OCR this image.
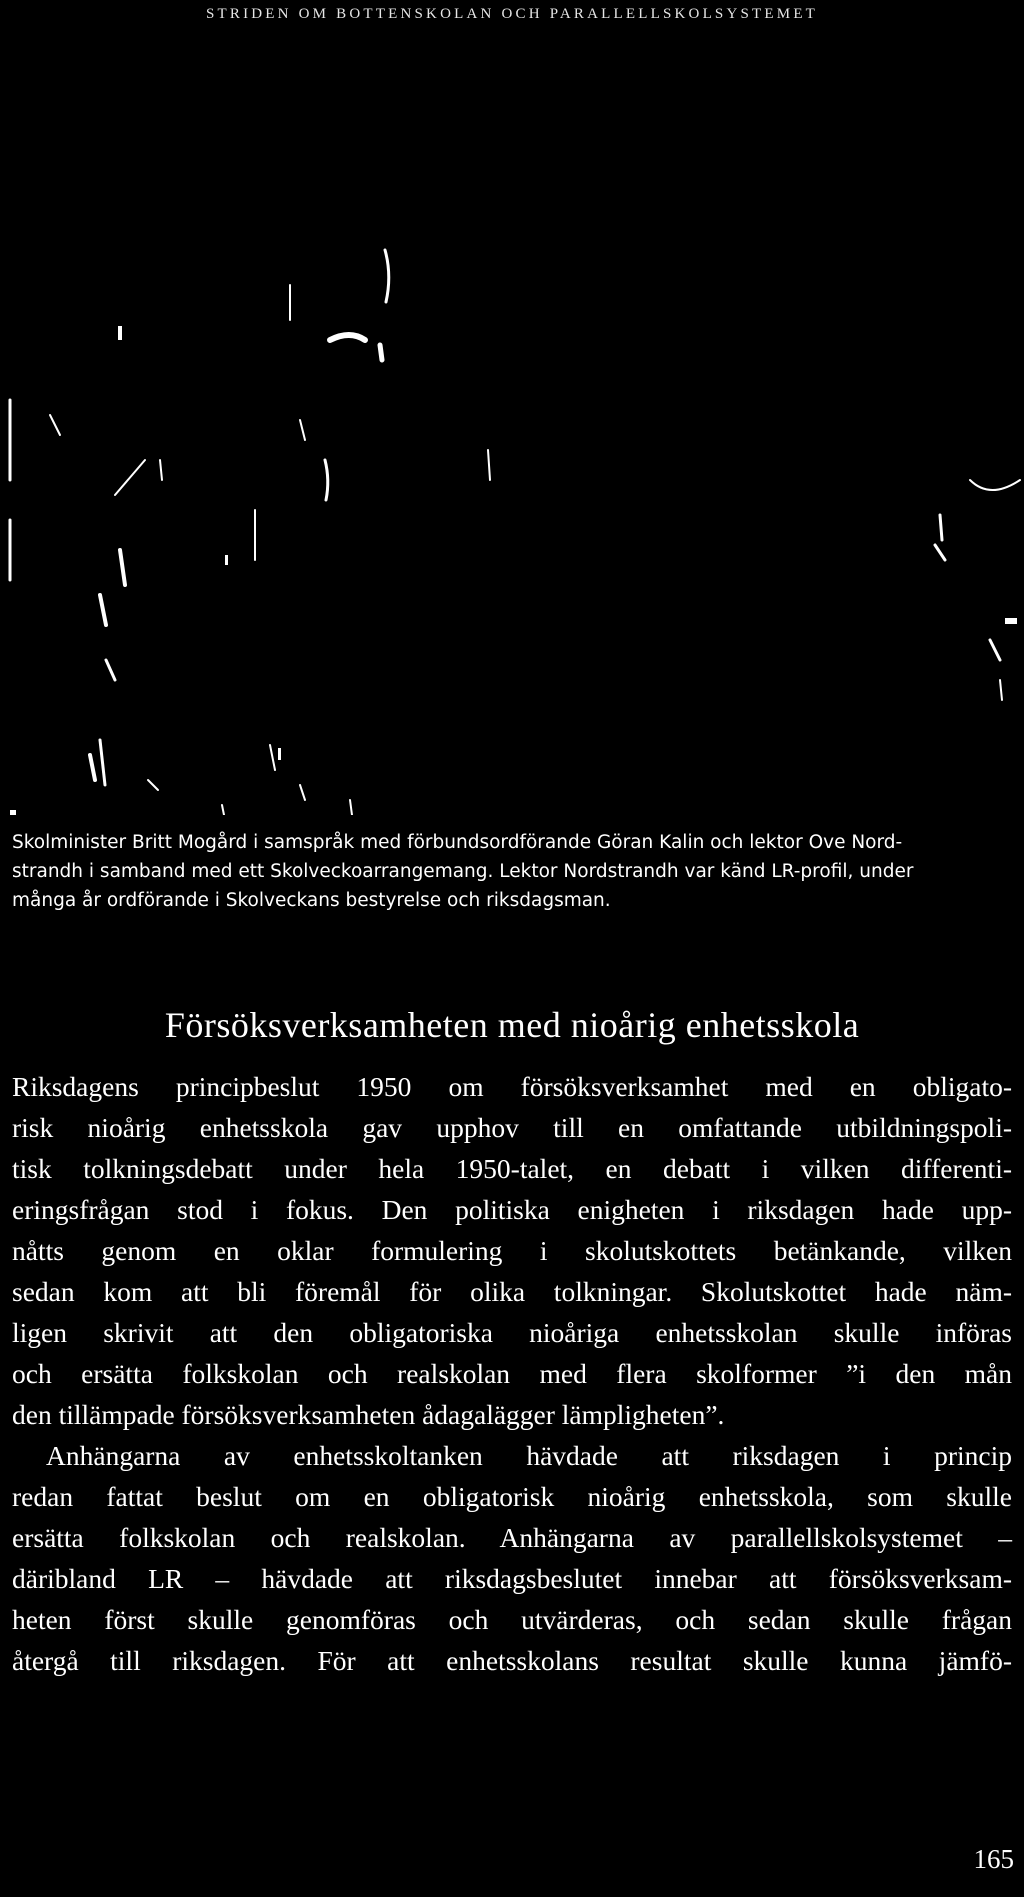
STRIDEN OM BOTTENSKOLAN OCH PARALLELLSKOLSYSTEMET
Skolminister Britt Mogård i samspråk med förbundsordförande Göran Kalin och lektor Ove Nord-
strandh i samband med ett Skolveckoarrangemang. Lektor Nordstrandh var känd LR-profil, under
många år ordförande i Skolveckans bestyrelse och riksdagsman.
Försöksverksamheten med nioårig enhetsskola
Riksdagens principbeslut 1950 om försöksverksamhet med en obligato-
risk nioårig enhetsskola gav upphov till en omfattande utbildningspoli-
tisk tolkningsdebatt under hela 1950-talet, en debatt i vilken differenti-
eringsfrågan stod i fokus. Den politiska enigheten i riksdagen hade upp-
nåtts genom en oklar formulering i skolutskottets betänkande, vilken
sedan kom att bli föremål för olika tolkningar. Skolutskottet hade näm-
ligen skrivit att den obligatoriska nioåriga enhetsskolan skulle införas
och ersätta folkskolan och realskolan med flera skolformer ”i den mån
den tillämpade försöksverksamheten ådagalägger lämpligheten”.
Anhängarna av enhetsskoltanken hävdade att riksdagen i princip
redan fattat beslut om en obligatorisk nioårig enhetsskola, som skulle
ersätta folkskolan och realskolan. Anhängarna av parallellskolsystemet –
däribland LR – hävdade att riksdagsbeslutet innebar att försöksverksam-
heten först skulle genomföras och utvärderas, och sedan skulle frågan
återgå till riksdagen. För att enhetsskolans resultat skulle kunna jämfö-
165
